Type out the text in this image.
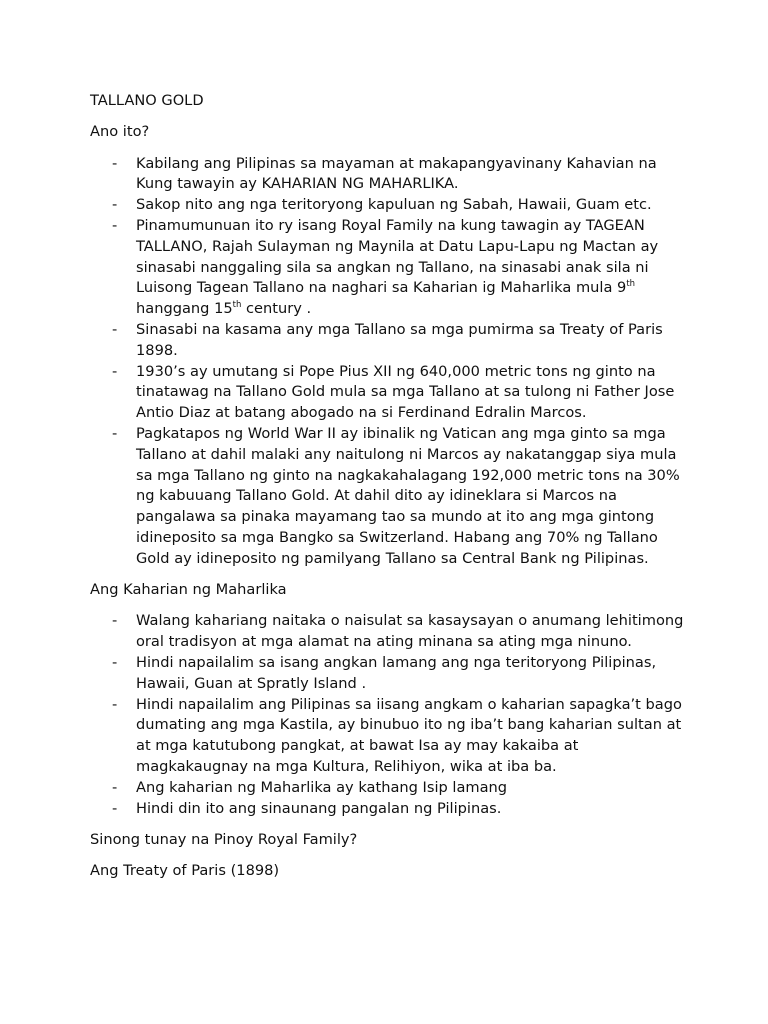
TALLANO GOLD

Ano ito?

- Kabilang ang Pilipinas sa mayaman at makapangyavinany Kahavian na Kung tawayin ay KAHARIAN NG MAHARLIKA.
- Sakop nito ang nga teritoryong kapuluan ng Sabah, Hawaii, Guam etc.
- Pinamumunuan ito ry isang Royal Family na kung tawagin ay TAGEAN TALLANO, Rajah Sulayman ng Maynila at Datu Lapu-Lapu ng Mactan ay sinasabi nanggaling sila sa angkan ng Tallano, na sinasabi anak sila ni Luisong Tagean Tallano na naghari sa Kaharian ig Maharlika mula 9th hanggang 15th century .
- Sinasabi na kasama any mga Tallano sa mga pumirma sa Treaty of Paris 1898.
- 1930’s ay umutang si Pope Pius XII ng 640,000 metric tons ng ginto na tinatawag na Tallano Gold mula sa mga Tallano at sa tulong ni Father Jose Antio Diaz at batang abogado na si Ferdinand Edralin Marcos.
- Pagkatapos ng World War II ay ibinalik ng Vatican ang mga ginto sa mga Tallano at dahil malaki any naitulong ni Marcos ay nakatanggap siya mula sa mga Tallano ng ginto na nagkakahalagang 192,000 metric tons na 30% ng kabuuang Tallano Gold. At dahil dito ay idineklara si Marcos na pangalawa sa pinaka mayamang tao sa mundo at ito ang mga gintong idineposito sa mga Bangko sa Switzerland. Habang ang 70% ng Tallano Gold ay idineposito ng pamilyang Tallano sa Central Bank ng Pilipinas.

Ang Kaharian ng Maharlika

- Walang kahariang naitaka o naisulat sa kasaysayan o anumang lehitimong oral tradisyon at mga alamat na ating minana sa ating mga ninuno.
- Hindi napailalim sa isang angkan lamang ang nga teritoryong Pilipinas, Hawaii, Guan at Spratly Island .
- Hindi napailalim ang Pilipinas sa iisang angkam o kaharian sapagka’t bago dumating ang mga Kastila, ay binubuo ito ng iba’t bang kaharian sultan at at mga katutubong pangkat, at bawat Isa ay may kakaiba at magkakaugnay na mga Kultura, Relihiyon, wika at iba ba.
- Ang kaharian ng Maharlika ay kathang Isip lamang
- Hindi din ito ang sinaunang pangalan ng Pilipinas.

Sinong tunay na Pinoy Royal Family?

Ang Treaty of Paris (1898)
